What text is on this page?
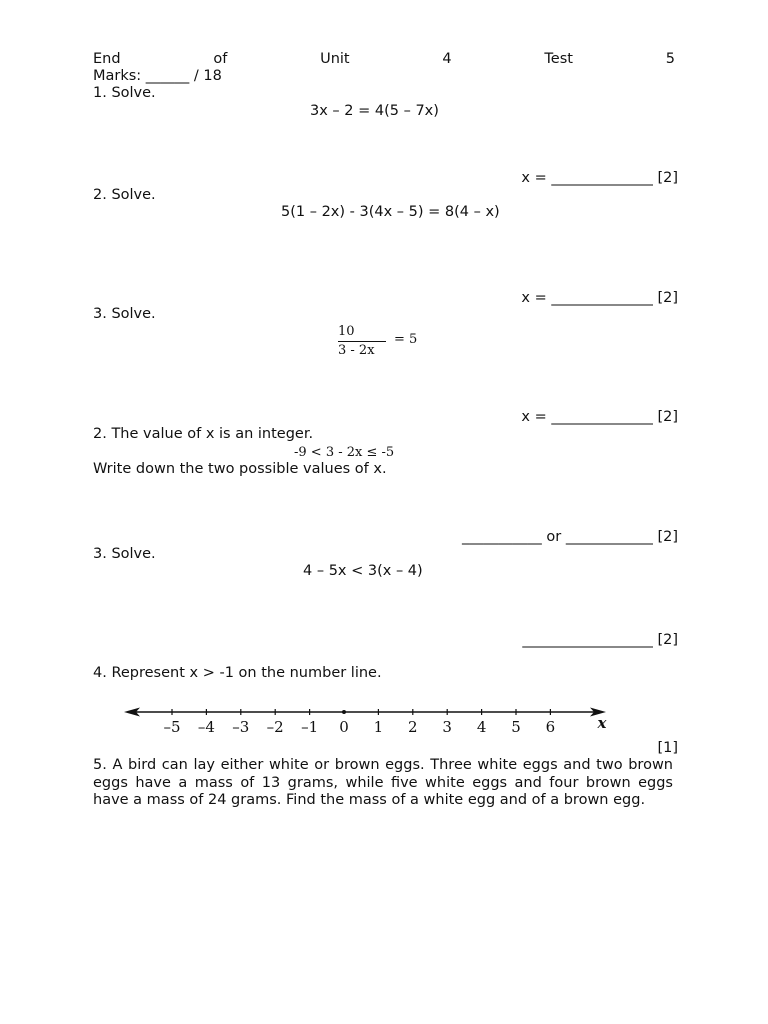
End	of	Unit	4	Test	5
Marks: ______ / 18
1. Solve.
3x – 2 = 4(5 – 7x)
x = ______________ [2]
2. Solve.
5(1 – 2x) - 3(4x – 5) = 8(4 – x)
x = ______________ [2]
3. Solve.
10
3 - 2x
= 5
x = ______________ [2]
2. The value of x is an integer.
-9 < 3 - 2x ≤ -5
Write down the two possible values of x.
___________ or ____________ [2]
3. Solve.
4 – 5x < 3(x – 4)
__________________ [2]
4. Represent x > -1 on the number line.
–5 –4 –3 –2 –1 0 1 2 3 4 5 6	x
[1]
5. A bird can lay either white or brown eggs. Three white eggs and two brown eggs have a mass of 13 grams, while five white eggs and four brown eggs have a mass of 24 grams. Find the mass of a white egg and of a brown egg.
